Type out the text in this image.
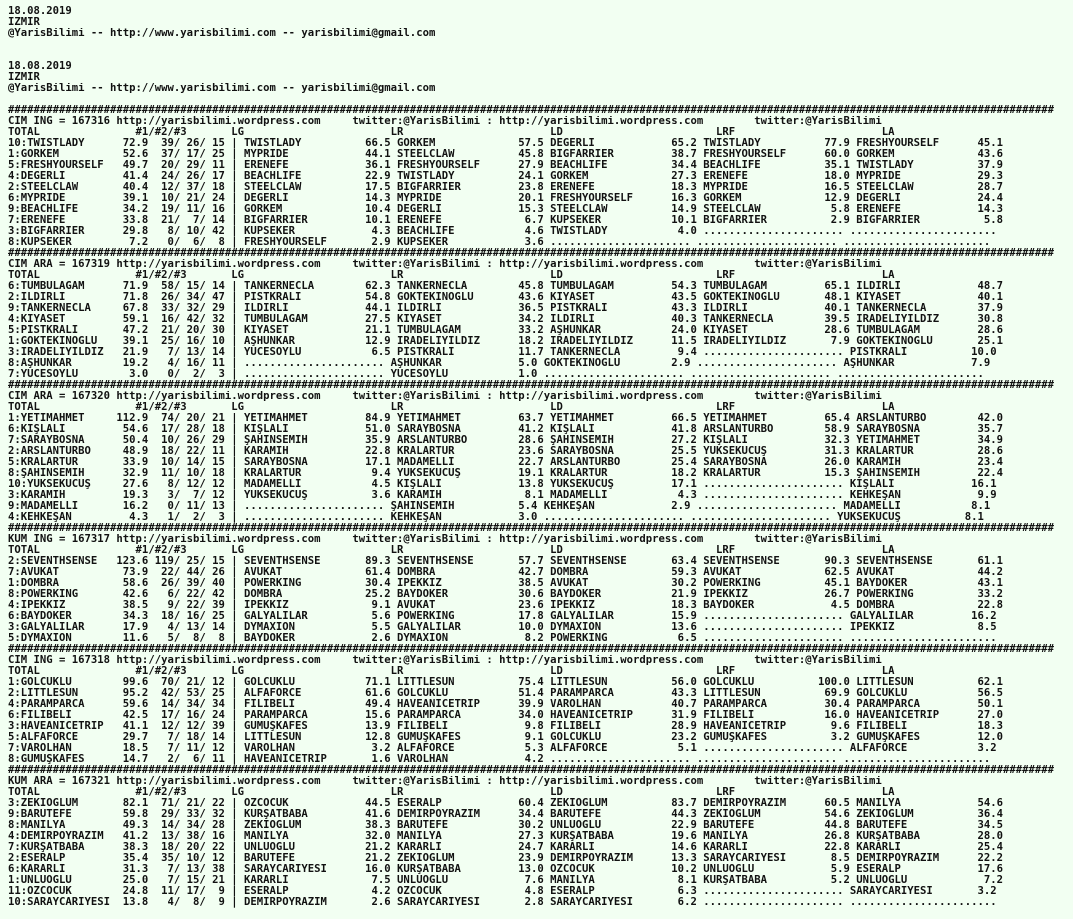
18.08.2019
IZMIR
@YarisBilimi -- http://www.yarisbilimi.com -- yarisbilimi@gmail.com
18.08.2019
IZMIR
@YarisBilimi -- http://www.yarisbilimi.com -- yarisbilimi@gmail.com
####################################################################################################################################################################
CIM ING = 167316 http://yarisbilimi.wordpress.com     twitter:@YarisBilimi : http://yarisbilimi.wordpress.com        twitter:@YarisBilimi
TOTAL               #1/#2/#3       LG                       LR                       LD                        LRF                       LA
10:TWISTLADY      72.9  39/ 26/ 15 | TWISTLADY          66.5 GORKEM             57.5 DEGERLI            65.2 TWISTLADY          77.9 FRESHYOURSELF      45.1
1:GORKEM          52.6  37/ 17/ 25 | MYPRIDE            44.1 STEELCLAW          45.8 BIGFARRIER         38.7 FRESHYOURSELF      60.0 GORKEM             43.6
5:FRESHYOURSELF   49.7  20/ 29/ 11 | ERENEFE            36.1 FRESHYOURSELF      27.9 BEACHLIFE          34.4 BEACHLIFE          35.1 TWISTLADY          37.9
4:DEGERLI         41.4  24/ 26/ 17 | BEACHLIFE          22.9 TWISTLADY          24.1 GORKEM             27.3 ERENEFE            18.0 MYPRIDE            29.3
2:STEELCLAW       40.4  12/ 37/ 18 | STEELCLAW          17.5 BIGFARRIER         23.8 ERENEFE            18.3 MYPRIDE            16.5 STEELCLAW          28.7
6:MYPRIDE         39.1  10/ 21/ 24 | DEGERLI            14.3 MYPRIDE            20.1 FRESHYOURSELF      16.3 GORKEM             12.9 DEGERLI            24.4
9:BEACHLIFE       34.2  19/ 11/ 16 | GORKEM             10.4 DEGERLI            15.3 STEELCLAW          14.9 STEELCLAW           5.8 ERENEFE            14.3
7:ERENEFE         33.8  21/  7/ 14 | BIGFARRIER         10.1 ERENEFE             6.7 KUPSEKER           10.1 BIGFARRIER          2.9 BIGFARRIER          5.8
3:BIGFARRIER      29.8   8/ 10/ 42 | KUPSEKER            4.3 BEACHLIFE           4.6 TWISTLADY           4.0 ...................... .......................
8:KUPSEKER         7.2   0/  6/  8 | FRESHYOURSELF       2.9 KUPSEKER            3.6 ...................... ...................... .......................
####################################################################################################################################################################
CIM ARA = 167319 http://yarisbilimi.wordpress.com     twitter:@YarisBilimi : http://yarisbilimi.wordpress.com        twitter:@YarisBilimi
TOTAL               #1/#2/#3       LG                       LR                       LD                        LRF                       LA
6:TUMBULAĞAM      71.9  58/ 15/ 14 | TANKERNECLA        62.3 TANKERNECLA        45.8 TUMBULAĞAM         54.3 TUMBULAĞAM         65.1 ILDIRLI            48.7
2:ILDIRLI         71.8  26/ 34/ 47 | PISTKRALI          54.8 GOKTEKINOGLU       43.6 KIYASET            43.5 GOKTEKINOGLU       48.1 KIYASET            40.1
9:TANKERNECLA     67.8  33/ 32/ 29 | ILDIRLI            44.1 ILDIRLI            36.5 PISTKRALI          43.3 ILDIRLI            40.1 TANKERNECLA        37.9
4:KIYASET         59.1  16/ 42/ 32 | TUMBULAĞAM         27.5 KIYASET            34.2 ILDIRLI            40.3 TANKERNECLA        39.5 IRADELIYILDIZ      30.8
5:PISTKRALI       47.2  21/ 20/ 30 | KIYASET            21.1 TUMBULAĞAM         33.2 AŞHUNKAR           24.0 KIYASET            28.6 TUMBULAĞAM         28.6
1:GOKTEKINOGLU    39.1  25/ 16/ 10 | AŞHUNKAR           12.9 IRADELIYILDIZ      18.2 IRADELIYILDIZ      11.5 IRADELIYILDIZ       7.9 GOKTEKINOGLU       25.1
3:IRADELIYILDIZ   21.9   7/ 13/ 14 | YUCESOYLU           6.5 PISTKRALI          11.7 TANKERNECLA         9.4 ...................... PISTKRALI          10.0
8:AŞHUNKAR        19.2   4/ 16/ 11 | ...................... AŞHUNKAR            5.0 GOKTEKINOGLU        2.9 ...................... AŞHUNKAR            7.9
7:YUCESOYLU        3.0   0/  2/  3 | ...................... YUCESOYLU           1.0 ...................... ...................... .......................
####################################################################################################################################################################
CIM ARA = 167320 http://yarisbilimi.wordpress.com     twitter:@YarisBilimi : http://yarisbilimi.wordpress.com        twitter:@YarisBilimi
TOTAL               #1/#2/#3       LG                       LR                       LD                        LRF                       LA
1:YETIMAHMET     112.9  74/ 20/ 21 | YETIMAHMET         84.9 YETIMAHMET         63.7 YETIMAHMET         66.5 YETIMAHMET         65.4 ARSLANTURBO        42.0
6:KIŞLALI         54.6  17/ 28/ 18 | KIŞLALI            51.0 SARAYBOSNA         41.2 KIŞLALI            41.8 ARSLANTURBO        58.9 SARAYBOSNA         35.7
7:SARAYBOSNA      50.4  10/ 26/ 29 | ŞAHINSEMIH         35.9 ARSLANTURBO        28.6 ŞAHINSEMIH         27.2 KIŞLALI            32.3 YETIMAHMET         34.9
2:ARSLANTURBO     48.9  18/ 22/ 11 | KARAMIH            22.8 KRALARTUR          23.6 SARAYBOSNA         25.5 YUKSEKUCUŞ         31.3 KRALARTUR          28.6
5:KRALARTUR       33.9  10/ 14/ 15 | SARAYBOSNA         17.1 MADAMELLI          22.7 ARSLANTURBO        25.4 SARAYBOSNA         26.0 KARAMIH            23.4
8:ŞAHINSEMIH      32.9  11/ 10/ 18 | KRALARTUR           9.4 YUKSEKUCUŞ         19.1 KRALARTUR          18.2 KRALARTUR          15.3 ŞAHINSEMIH         22.4
10:YUKSEKUCUŞ     27.6   8/ 12/ 12 | MADAMELLI           4.5 KIŞLALI            13.8 YUKSEKUCUŞ         17.1 ...................... KIŞLALI            16.1
3:KARAMIH         19.3   3/  7/ 12 | YUKSEKUCUŞ          3.6 KARAMIH             8.1 MADAMELLI           4.3 ...................... KEHKEŞAN            9.9
9:MADAMELLI       16.2   0/ 11/ 13 | ...................... ŞAHINSEMIH          5.4 KEHKEŞAN            2.9 ...................... MADAMELLI           8.1
4:KEHKEŞAN         4.3   1/  2/  3 | ...................... KEHKEŞAN            3.0 ...................... ...................... YUKSEKUCUŞ          8.1
####################################################################################################################################################################
KUM ING = 167317 http://yarisbilimi.wordpress.com     twitter:@YarisBilimi : http://yarisbilimi.wordpress.com        twitter:@YarisBilimi
TOTAL               #1/#2/#3       LG                       LR                       LD                        LRF                       LA
2:SEVENTHSENSE   123.6 119/ 25/ 15 | SEVENTHSENSE       89.3 SEVENTHSENSE       57.7 SEVENTHSENSE       63.4 SEVENTHSENSE       90.3 SEVENTHSENSE       61.1
7:AVUKAT          73.9  22/ 44/ 26 | AVUKAT             61.4 DOMBRA             42.7 DOMBRA             59.3 AVUKAT             62.5 AVUKAT             44.2
1:DOMBRA          58.6  26/ 39/ 40 | POWERKING          30.4 IPEKKIZ            38.5 AVUKAT             30.2 POWERKING          45.1 BAYDOKER           43.1
8:POWERKING       42.6   6/ 22/ 42 | DOMBRA             25.2 BAYDOKER           30.6 BAYDOKER           21.9 IPEKKIZ            26.7 POWERKING          33.2
4:IPEKKIZ         38.5   9/ 22/ 39 | IPEKKIZ             9.1 AVUKAT             23.6 IPEKKIZ            18.3 BAYDOKER            4.5 DOMBRA             22.8
6:BAYDOKER        34.3  18/ 16/ 25 | GALYALILAR          5.6 POWERKING          17.8 GALYALILAR         15.9 ...................... GALYALILAR         16.2
3:GALYALILAR      17.9   4/ 13/ 14 | DYMAXION            5.5 GALYALILAR         10.0 DYMAXION           13.6 ...................... IPEKKIZ             8.5
5:DYMAXION        11.6   5/  8/  8 | BAYDOKER            2.6 DYMAXION            8.2 POWERKING           6.5 ...................... .......................
####################################################################################################################################################################
CIM ING = 167318 http://yarisbilimi.wordpress.com     twitter:@YarisBilimi : http://yarisbilimi.wordpress.com        twitter:@YarisBilimi
TOTAL               #1/#2/#3       LG                       LR                       LD                        LRF                       LA
1:GOLCUKLU        99.6  70/ 21/ 12 | GOLCUKLU           71.1 LITTLESUN          75.4 LITTLESUN          56.0 GOLCUKLU          100.0 LITTLESUN          62.1
2:LITTLESUN       95.2  42/ 53/ 25 | ALFAFORCE          61.6 GOLCUKLU           51.4 PARAMPARCA         43.3 LITTLESUN          69.9 GOLCUKLU           56.5
4:PARAMPARCA      59.6  14/ 34/ 34 | FILIBELI           49.4 HAVEANICETRIP      39.9 VAROLHAN           40.7 PARAMPARCA         30.4 PARAMPARCA         50.1
6:FILIBELI        42.5  17/ 16/ 24 | PARAMPARCA         15.6 PARAMPARCA         34.0 HAVEANICETRIP      31.9 FILIBELI           16.0 HAVEANICETRIP      27.0
3:HAVEANICETRIP   41.1  12/ 12/ 39 | GUMUŞKAFES         13.9 FILIBELI            9.8 FILIBELI           28.9 HAVEANICETRIP       9.6 FILIBELI           18.3
5:ALFAFORCE       29.7   7/ 18/ 14 | LITTLESUN          12.8 GUMUŞKAFES          9.1 GOLCUKLU           23.2 GUMUŞKAFES          3.2 GUMUŞKAFES         12.0
7:VAROLHAN        18.5   7/ 11/ 12 | VAROLHAN            3.2 ALFAFORCE           5.3 ALFAFORCE           5.1 ...................... ALFAFORCE           3.2
8:GUMUŞKAFES      14.7   2/  6/ 11 | HAVEANICETRIP       1.6 VAROLHAN            4.2 ...................... ...................... .......................
####################################################################################################################################################################
KUM ARA = 167321 http://yarisbilimi.wordpress.com     twitter:@YarisBilimi : http://yarisbilimi.wordpress.com        twitter:@YarisBilimi
TOTAL               #1/#2/#3       LG                       LR                       LD                        LRF                       LA
3:ZEKIOĞLUM       82.1  71/ 21/ 22 | OZCOCUK            44.5 ESERALP            60.4 ZEKIOĞLUM          83.7 DEMIRPOYRAZIM      60.5 MANILYA            54.6
9:BARUTEFE        59.8  29/ 33/ 32 | KURŞATBABA         41.6 DEMIRPOYRAZIM      34.4 BARUTEFE           44.3 ZEKIOĞLUM          54.6 ZEKIOĞLUM          36.4
8:MANILYA         49.3  14/ 34/ 28 | ZEKIOĞLUM          38.3 BARUTEFE           30.2 UNLUOGLU           22.9 BARUTEFE           44.8 BARUTEFE           34.5
4:DEMIRPOYRAZIM   41.2  13/ 38/ 16 | MANILYA            32.0 MANILYA            27.3 KURŞATBABA         19.6 MANILYA            26.8 KURŞATBABA         28.0
7:KURŞATBABA      38.3  18/ 20/ 22 | UNLUOGLU           21.2 KARARLI            24.7 KARARLI            14.6 KARARLI            22.8 KARARLI            25.4
2:ESERALP         35.4  35/ 10/ 12 | BARUTEFE           21.2 ZEKIOĞLUM          23.9 DEMIRPOYRAZIM      13.3 SARAYCARIYESI       8.5 DEMIRPOYRAZIM      22.2
6:KARARLI         31.3   7/ 13/ 38 | SARAYCARIYESI      16.0 KURŞATBABA         13.0 OZCOCUK            10.2 UNLUOGLU            5.9 ESERALP            17.6
1:UNLUOGLU        25.0   7/ 15/ 21 | KARARLI             7.5 UNLUOGLU            7.6 MANILYA             8.1 KURŞATBABA          5.2 UNLUOGLU            7.2
11:OZCOCUK        24.8  11/ 17/  9 | ESERALP             4.2 OZCOCUK             4.8 ESERALP             6.3 ...................... SARAYCARIYESI       3.2
10:SARAYCARIYESI  13.8   4/  8/  9 | DEMIRPOYRAZIM       2.6 SARAYCARIYESI       2.8 SARAYCARIYESI       6.2 ...................... .......................
